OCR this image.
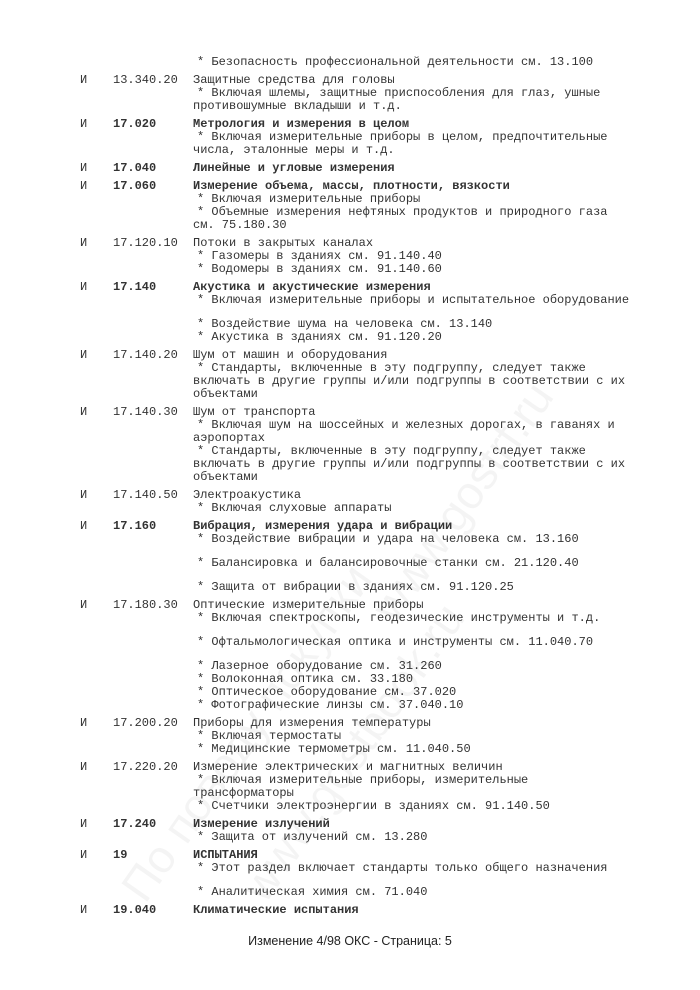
* Безопасность профессиональной деятельности см. 13.100
И 13.340.20 Защитные средства для головы
* Включая шлемы, защитные приспособления для глаз, ушные
противошумные вкладыши и т.д.
И 17.020	Метрология и измерения в целом
* Включая измерительные приборы в целом, предпочтительные
числа, эталонные меры и т.д.
И 17.040	Линейные и угловые измерения
И 17.060	Измерение объема, массы, плотности, вязкости
* Включая измерительные приборы
* Объемные измерения нефтяных продуктов и природного газа
см. 75.180.30
И 17.120.10 Потоки в закрытых каналах
* Газомеры в зданиях см. 91.140.40
* Водомеры в зданиях см. 91.140.60
И 17.140	Акустика и акустические измерения
* Включая измерительные приборы и испытательное оборудование
* Воздействие шума на человека см. 13.140
* Акустика в зданиях см. 91.120.20
И 17.140.20 Шум от машин и оборудования
* Стандарты, включенные в эту подгруппу, следует также
включать в другие группы и/или подгруппы в соответствии с их
объектами
И 17.140.30 Шум от транспорта
* Включая шум на шоссейных и железных дорогах, в гаванях и
аэропортах
* Стандарты, включенные в эту подгруппу, следует также
включать в другие группы и/или подгруппы в соответствии с их
объектами
И 17.140.50 Электроакустика
* Включая слуховые аппараты
И 17.160	Вибрация, измерения удара и вибрации
* Воздействие вибрации и удара на человека см. 13.160
* Балансировка и балансировочные станки см. 21.120.40
* Защита от вибрации в зданиях см. 91.120.25
И 17.180.30 Оптические измерительные приборы
* Включая спектроскопы, геодезические инструменты и т.д.
* Офтальмологическая оптика и инструменты см. 11.040.70
* Лазерное оборудование см. 31.260
* Волоконная оптика см. 33.180
* Оптическое оборудование см. 37.020
* Фотографические линзы см. 37.040.10
И 17.200.20 Приборы для измерения температуры
* Включая термостаты
* Медицинские термометры см. 11.040.50
И 17.220.20 Измерение электрических и магнитных величин
* Включая измерительные приборы, измерительные
трансформаторы
* Счетчики электроэнергии в зданиях см. 91.140.50
И 17.240	Измерение излучений
* Защита от излучений см. 13.280
И 19	ИСПЫТАНИЯ
* Этот раздел включает стандарты только общего назначения
* Аналитическая химия см. 71.040
И 19.040	Климатические испытания
Изменение 4/98 ОКС - Страница: 5
